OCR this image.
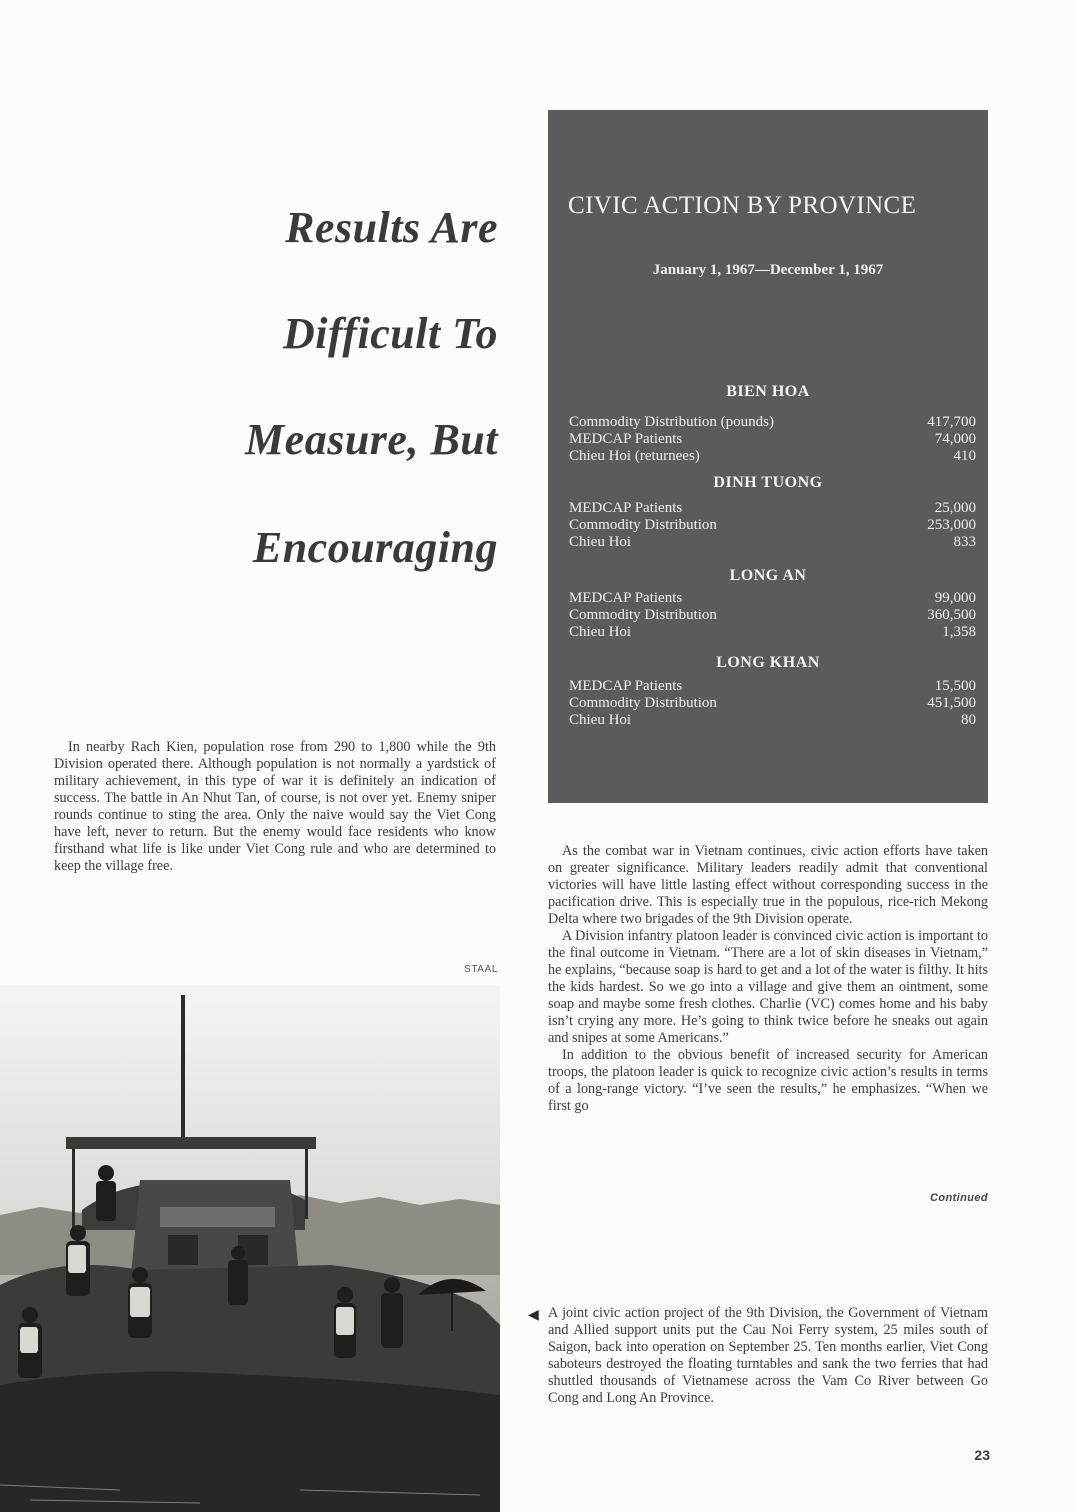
Results Are
Difficult To
Measure, But
Encouraging

In nearby Rach Kien, population rose from 290 to 1,800 while the 9th Division operated there. Although population is not normally a yardstick of military achievement, in this type of war it is definitely an indication of success. The battle in An Nhut Tan, of course, is not over yet. Enemy sniper rounds continue to sting the area. Only the naive would say the Viet Cong have left, never to return. But the enemy would face residents who know firsthand what life is like under Viet Cong rule and who are determined to keep the village free.

STAAL
CIVIC ACTION BY PROVINCE
January 1, 1967—December 1, 1967
BIEN HOA
Commodity Distribution (pounds)	417,700
MEDCAP Patients	74,000
Chieu Hoi (returnees)	410
DINH TUONG
MEDCAP Patients	25,000
Commodity Distribution	253,000
Chieu Hoi	833
LONG AN
MEDCAP Patients	99,000
Commodity Distribution	360,500
Chieu Hoi	1,358
LONG KHAN
MEDCAP Patients	15,500
Commodity Distribution	451,500
Chieu Hoi	80

As the combat war in Vietnam continues, civic action efforts have taken on greater significance. Military leaders readily admit that conventional victories will have little lasting effect without corresponding success in the pacification drive. This is especially true in the populous, rice-rich Mekong Delta where two brigades of the 9th Division operate.

A Division infantry platoon leader is convinced civic action is important to the final outcome in Vietnam. “There are a lot of skin diseases in Vietnam,” he explains, “because soap is hard to get and a lot of the water is filthy. It hits the kids hardest. So we go into a village and give them an ointment, some soap and maybe some fresh clothes. Charlie (VC) comes home and his baby isn’t crying any more. He’s going to think twice before he sneaks out again and snipes at some Americans.”

In addition to the obvious benefit of increased security for American troops, the platoon leader is quick to recognize civic action’s results in terms of a long-range victory. “I’ve seen the results,” he emphasizes. “When we first go

Continued
◀ A joint civic action project of the 9th Division, the Government of Vietnam and Allied support units put the Cau Noi Ferry system, 25 miles south of Saigon, back into operation on September 25. Ten months earlier, Viet Cong saboteurs destroyed the floating turntables and sank the two ferries that had shuttled thousands of Vietnamese across the Vam Co River between Go Cong and Long An Province.

23
